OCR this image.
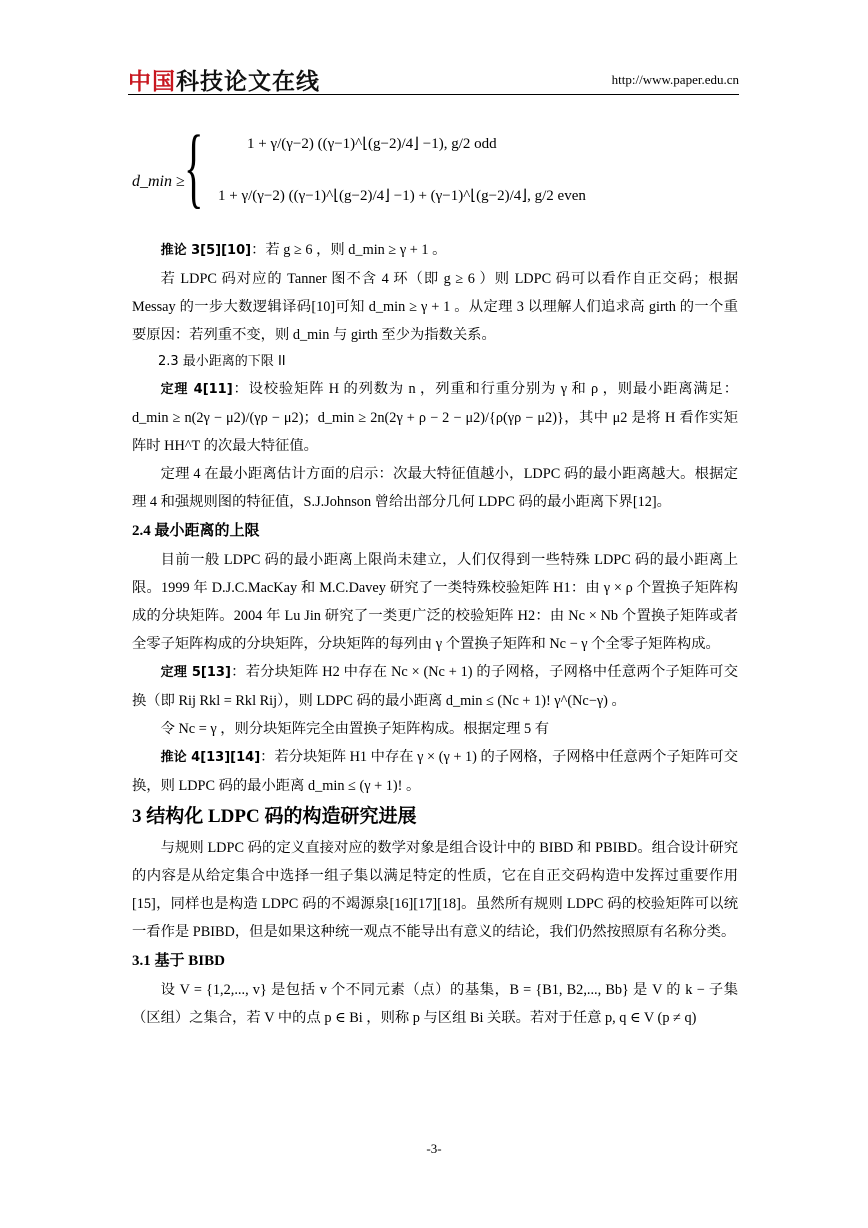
中国科技论文在线	http://www.paper.edu.cn
d_min ≥ {	1 + γ/(γ−2) ((γ−1)^⌊(g−2)/4⌋ −1), g/2 odd
1 + γ/(γ−2) ((γ−1)^⌊(g−2)/4⌋ −1) + (γ−1)^⌊(g−2)/4⌋, g/2 even

推论 3[5][10]：若 g ≥ 6 ，则 d_min ≥ γ + 1 。

若 LDPC 码对应的 Tanner 图不含 4 环（即 g ≥ 6 ）则 LDPC 码可以看作自正交码；根据 Messay 的一步大数逻辑译码[10]可知 d_min ≥ γ + 1 。从定理 3 以理解人们追求高 girth 的一个重要原因：若列重不变，则 d_min 与 girth 至少为指数关系。

2.3 最小距离的下限 II

定理 4[11]：设校验矩阵 H 的列数为 n ，列重和行重分别为 γ 和 ρ ，则最小距离满足：d_min ≥ n(2γ − μ2)/(γρ − μ2)；d_min ≥ 2n(2γ + ρ − 2 − μ2)/{ρ(γρ − μ2)}，其中 μ2 是将 H 看作实矩阵时 HH^T 的次最大特征值。

定理 4 在最小距离估计方面的启示：次最大特征值越小，LDPC 码的最小距离越大。根据定理 4 和强规则图的特征值，S.J.Johnson 曾给出部分几何 LDPC 码的最小距离下界[12]。

2.4 最小距离的上限

目前一般 LDPC 码的最小距离上限尚未建立，人们仅得到一些特殊 LDPC 码的最小距离上限。1999 年 D.J.C.MacKay 和 M.C.Davey 研究了一类特殊校验矩阵 H1：由 γ × ρ 个置换子矩阵构成的分块矩阵。2004 年 Lu Jin 研究了一类更广泛的校验矩阵 H2：由 Nc × Nb 个置换子矩阵或者全零子矩阵构成的分块矩阵，分块矩阵的每列由 γ 个置换子矩阵和 Nc − γ 个全零子矩阵构成。

定理 5[13]：若分块矩阵 H2 中存在 Nc × (Nc + 1) 的子网格，子网格中任意两个子矩阵可交换（即 Rij Rkl = Rkl Rij），则 LDPC 码的最小距离 d_min ≤ (Nc + 1)! γ^(Nc−γ) 。

令 Nc = γ ，则分块矩阵完全由置换子矩阵构成。根据定理 5 有

推论 4[13][14]：若分块矩阵 H1 中存在 γ × (γ + 1) 的子网格，子网格中任意两个子矩阵可交换，则 LDPC 码的最小距离 d_min ≤ (γ + 1)! 。

3 结构化 LDPC 码的构造研究进展

与规则 LDPC 码的定义直接对应的数学对象是组合设计中的 BIBD 和 PBIBD。组合设计研究的内容是从给定集合中选择一组子集以满足特定的性质，它在自正交码构造中发挥过重要作用[15]，同样也是构造 LDPC 码的不竭源泉[16][17][18]。虽然所有规则 LDPC 码的校验矩阵可以统一看作是 PBIBD，但是如果这种统一观点不能导出有意义的结论，我们仍然按照原有名称分类。

3.1 基于 BIBD

设 V = {1,2,..., v} 是包括 v 个不同元素（点）的基集，B = {B1, B2,..., Bb} 是 V 的 k − 子集（区组）之集合，若 V 中的点 p ∈ Bi ，则称 p 与区组 Bi 关联。若对于任意 p, q ∈ V (p ≠ q)

-3-
